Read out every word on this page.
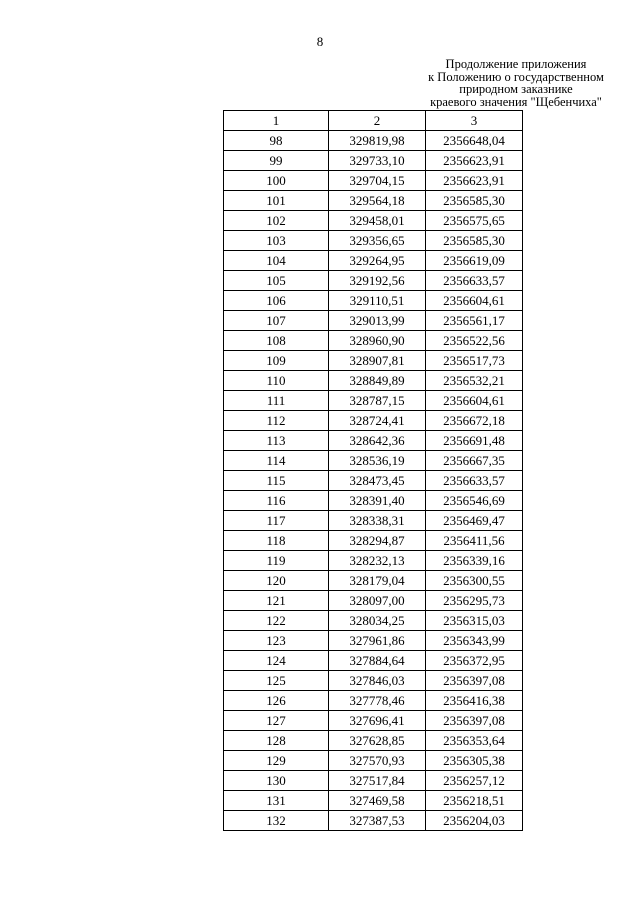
8
Продолжение приложения
к Положению о государственном
природном заказнике
краевого значения "Щебенчиха"
1	2	3
98	329819,98	2356648,04
99	329733,10	2356623,91
100	329704,15	2356623,91
101	329564,18	2356585,30
102	329458,01	2356575,65
103	329356,65	2356585,30
104	329264,95	2356619,09
105	329192,56	2356633,57
106	329110,51	2356604,61
107	329013,99	2356561,17
108	328960,90	2356522,56
109	328907,81	2356517,73
110	328849,89	2356532,21
111	328787,15	2356604,61
112	328724,41	2356672,18
113	328642,36	2356691,48
114	328536,19	2356667,35
115	328473,45	2356633,57
116	328391,40	2356546,69
117	328338,31	2356469,47
118	328294,87	2356411,56
119	328232,13	2356339,16
120	328179,04	2356300,55
121	328097,00	2356295,73
122	328034,25	2356315,03
123	327961,86	2356343,99
124	327884,64	2356372,95
125	327846,03	2356397,08
126	327778,46	2356416,38
127	327696,41	2356397,08
128	327628,85	2356353,64
129	327570,93	2356305,38
130	327517,84	2356257,12
131	327469,58	2356218,51
132	327387,53	2356204,03
